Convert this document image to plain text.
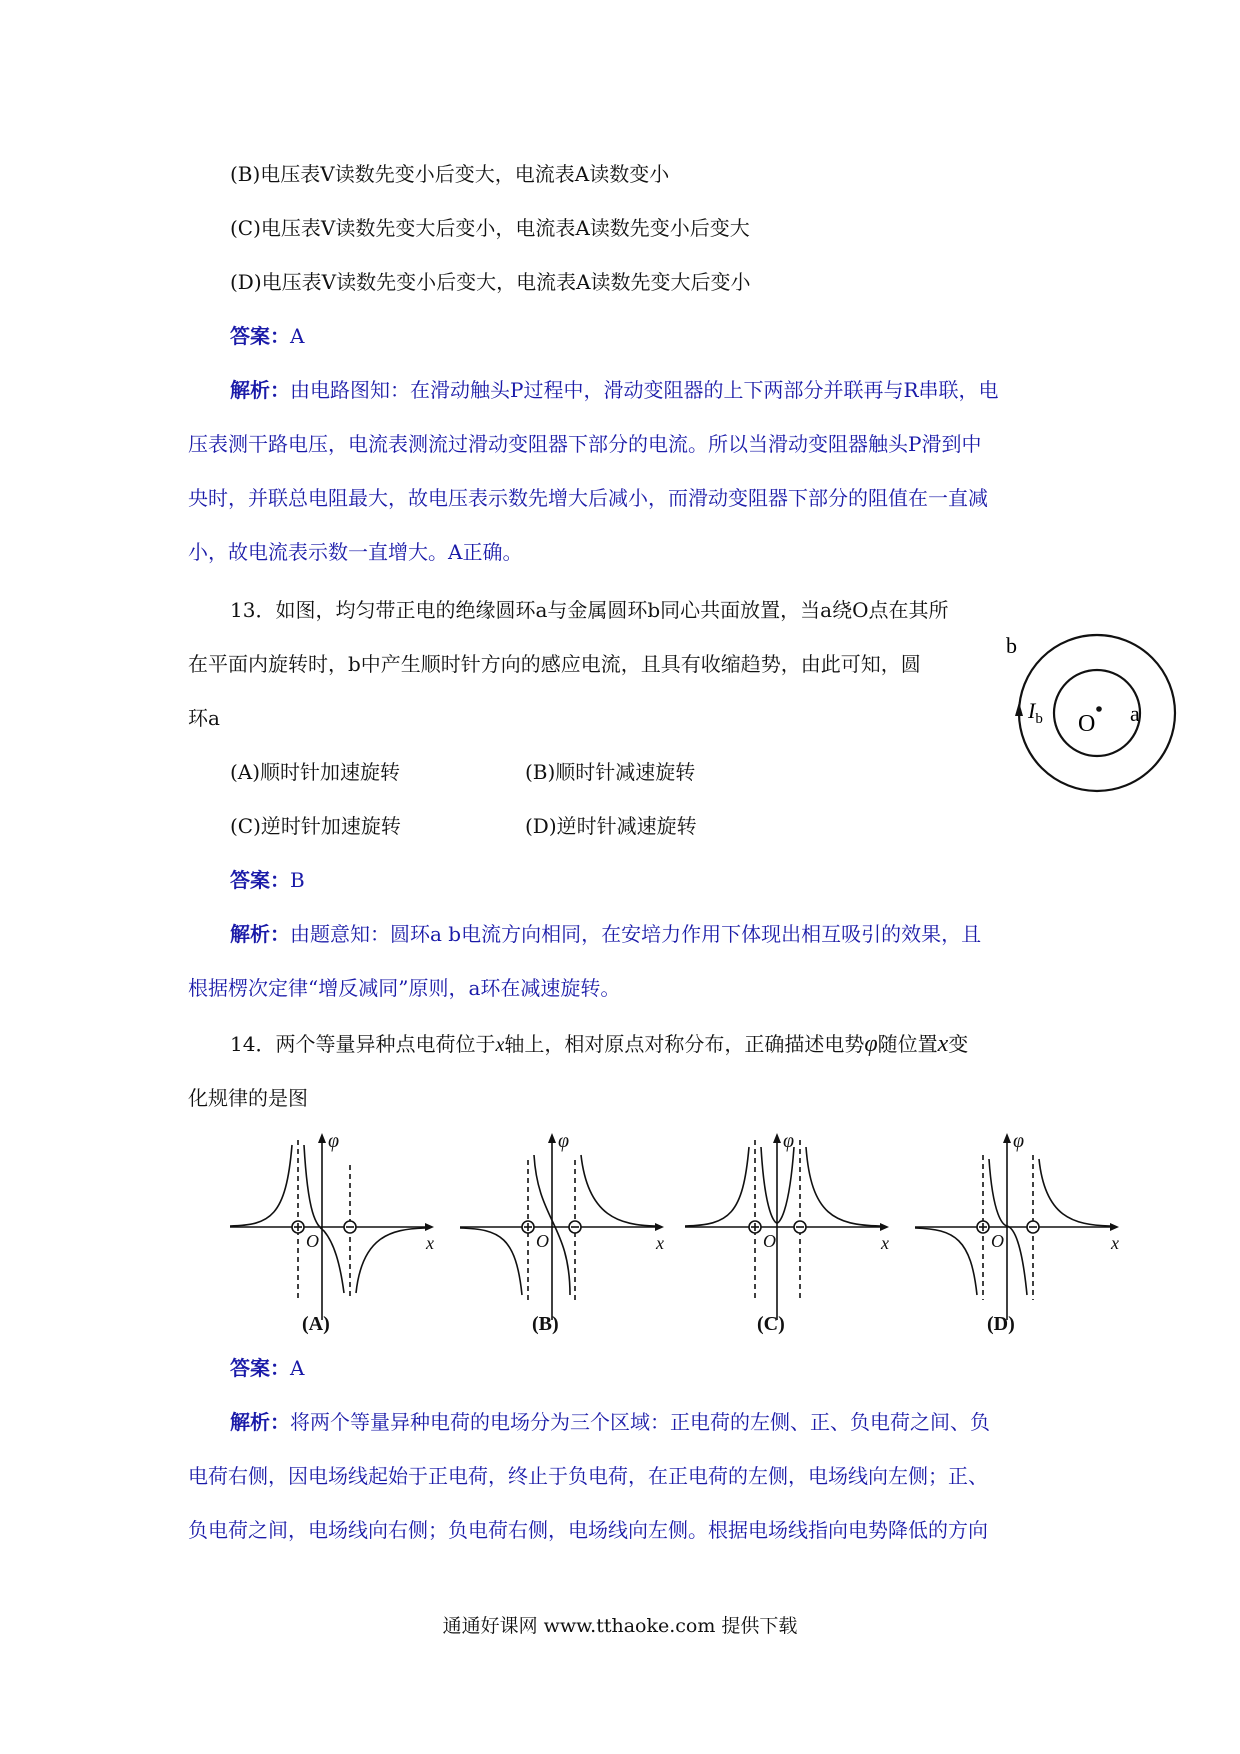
(B)电压表V读数先变小后变大，电流表A读数变小
(C)电压表V读数先变大后变小，电流表A读数先变小后变大
(D)电压表V读数先变小后变大，电流表A读数先变大后变小
答案：A
解析：由电路图知：在滑动触头P过程中，滑动变阻器的上下两部分并联再与R串联，电
压表测干路电压，电流表测流过滑动变阻器下部分的电流。所以当滑动变阻器触头P滑到中
央时，并联总电阻最大，故电压表示数先增大后减小，而滑动变阻器下部分的阻值在一直减
小，故电流表示数一直增大。A正确。
13．如图，均匀带正电的绝缘圆环a与金属圆环b同心共面放置，当a绕O点在其所
在平面内旋转时，b中产生顺时针方向的感应电流，且具有收缩趋势，由此可知，圆
环a
b
a
O
$I_b$
(A)顺时针加速旋转	(B)顺时针减速旋转
(C)逆时针加速旋转	(D)逆时针减速旋转
答案：B
解析：由题意知：圆环a b电流方向相同，在安培力作用下体现出相互吸引的效果，且
根据楞次定律“增反减同”原则，a环在减速旋转。
14．两个等量异种点电荷位于x轴上，相对原点对称分布，正确描述电势φ随位置x变
化规律的是图
φ
x
O
(A)
φ
x
O
(B)
φ
x
O
(C)
φ
x
O
(D)
答案：A
解析：将两个等量异种电荷的电场分为三个区域：正电荷的左侧、正、负电荷之间、负
电荷右侧，因电场线起始于正电荷，终止于负电荷，在正电荷的左侧，电场线向左侧；正、
负电荷之间，电场线向右侧；负电荷右侧，电场线向左侧。根据电场线指向电势降低的方向
通通好课网 www.tthaoke.com 提供下载
